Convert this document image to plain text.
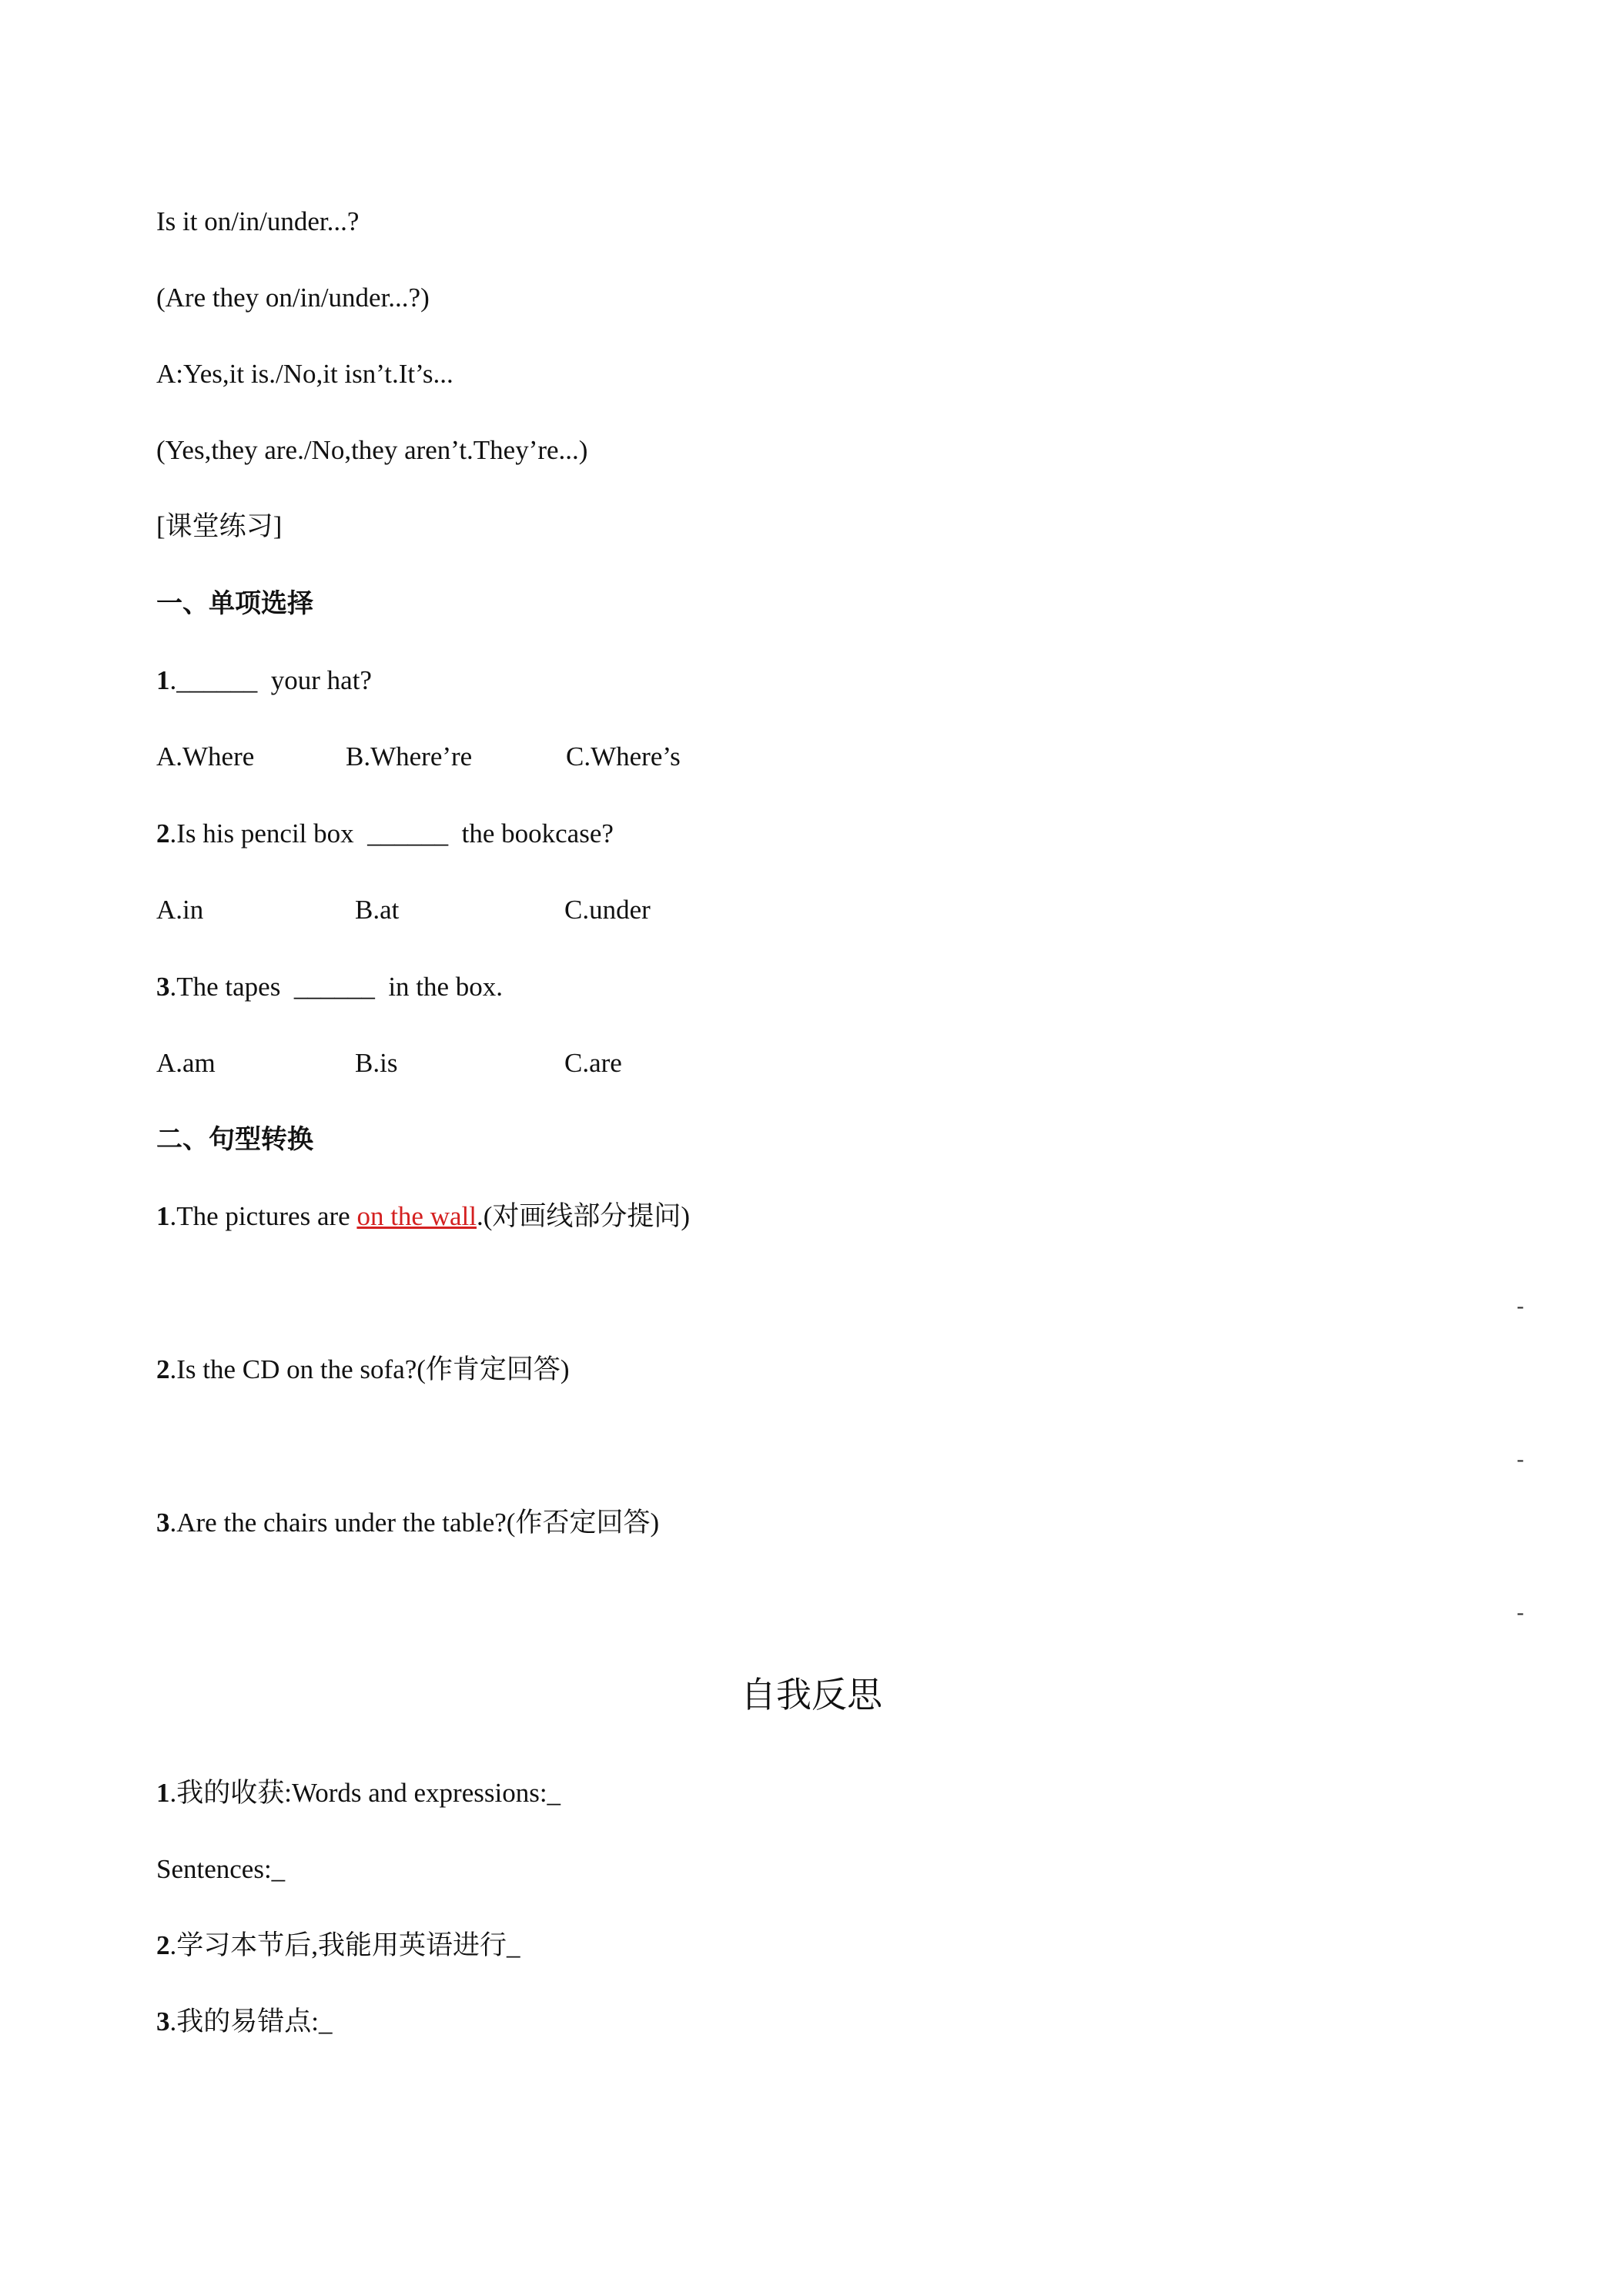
Is it on/in/under...?
(Are they on/in/under...?)
A:Yes,it is./No,it isn’t.It’s...
(Yes,they are./No,they aren’t.They’re...)
[课堂练习]
一、单项选择
1.______  your hat?
A.Where	B.Where’re	C.Where’s
2.Is his pencil box  ______  the bookcase?
A.in	B.at	C.under
3.The tapes  ______  in the box.
A.am	B.is	C.are
二、句型转换
1.The pictures are on the wall.(对画线部分提问)
-
2.Is the CD on the sofa?(作肯定回答)
-
3.Are the chairs under the table?(作否定回答)
-
自我反思
1.我的收获:Words and expressions:_
Sentences:_
2.学习本节后,我能用英语进行_
3.我的易错点:_
